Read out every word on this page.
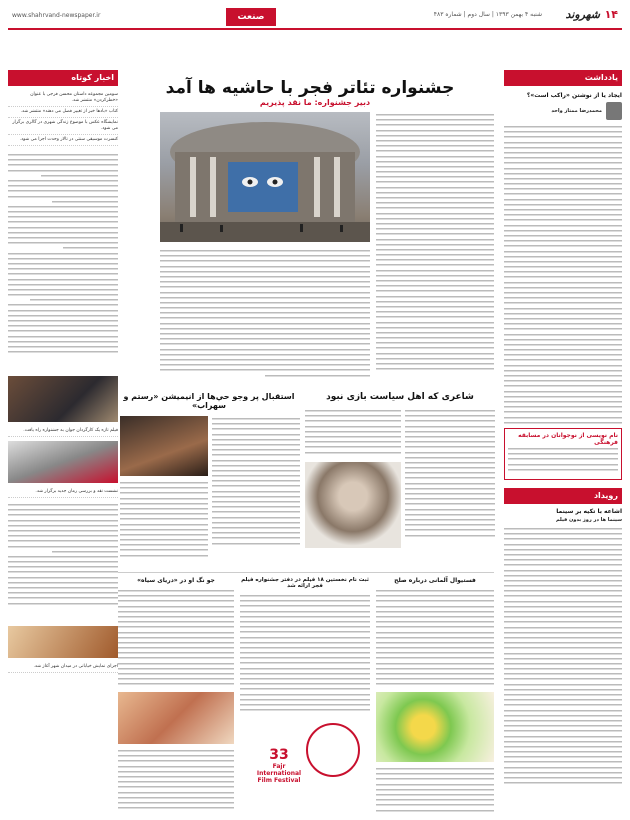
۱۴
شهروند
شنبه ۴ بهمن ۱۳۹۳ | سال دوم | شماره ۴۸۳
www.shahrvand-newspaper.ir	صنعت فیلم
اخبار کوتاه
سومین مجموعه داستان محسن فرجی با عنوان «خطرکردن» منتشر شد.
کتاب «بادها خبر از تغییر فصل می دهند» منتشر شد.
نمایشگاه عکس با موضوع زندگی شهری در گالری برگزار می شود.
کنسرت موسیقی سنتی در تالار وحدت اجرا می شود.
فیلم تازه یک کارگردان جوان به جشنواره راه یافت.
نشست نقد و بررسی رمان جدید برگزار شد.
اجرای نمایش خیابانی در میدان شهر آغاز شد.
یادداشت
ایجاد یا از نوشتن «راکب است»؟
محمدرضا ممتاز واحد
نام نویسی از نوجوانان در مسابقه فرهنگی
رویداد
اشاعه با تکیه بر سینما
سینما ها در روز بدون فیلم
جشنواره تئاتر فجر با حاشیه ها آمد
دبیر جشنواره: ما نقد پذیریم
شاعری که اهل سیاست بازی نبود
استقبال پر وجو حي‌ها از انیمیشن «رستم و سهراب»
فستیوال آلمانی درباره صلح
ثبت نام نخستین ۱۸ فیلم در دفتر جشنواره فیلم فجر ارائه شد
33
Fajr
International
Film Festival
جو نگ او در «دریای سیاه»
